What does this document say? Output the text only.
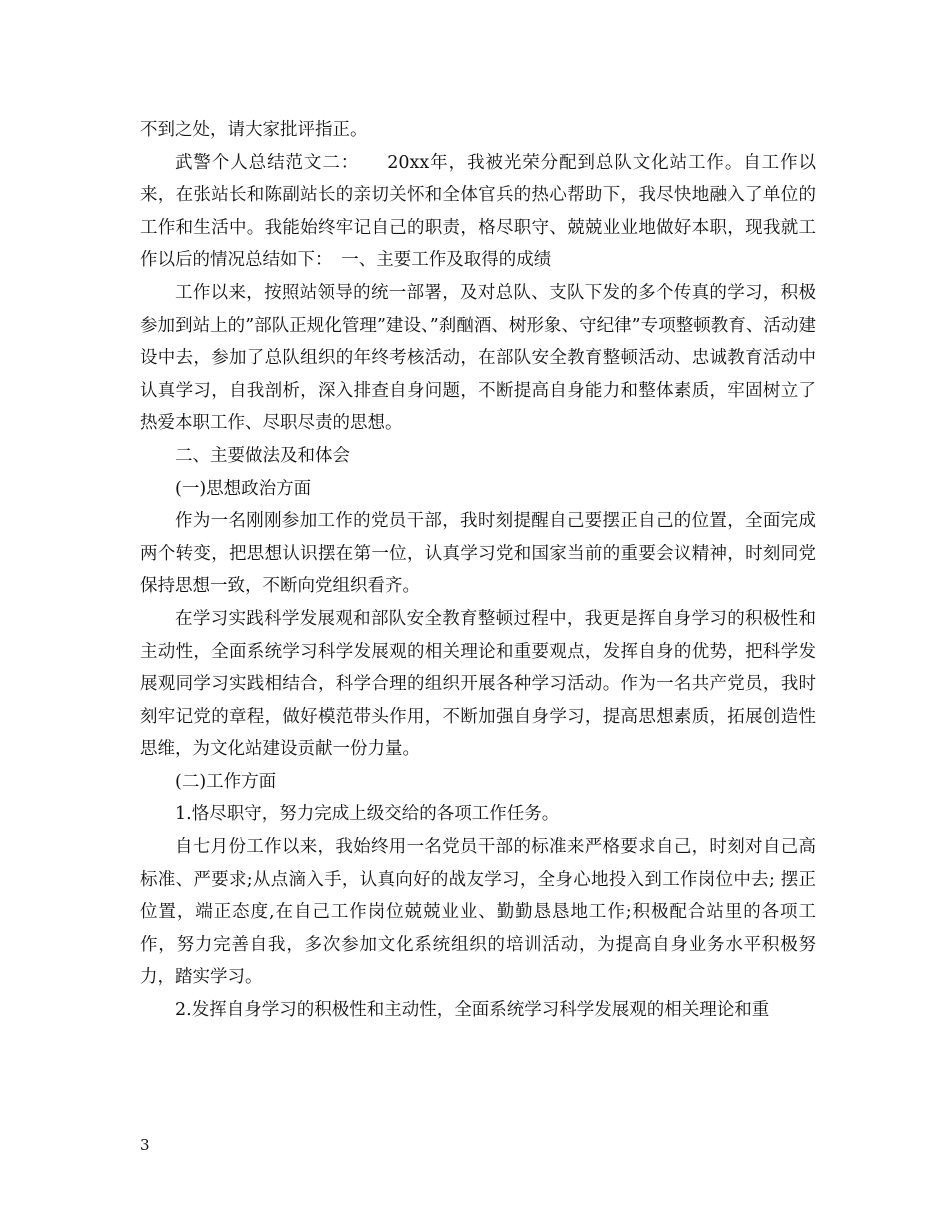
不到之处，请大家批评指正。

武警个人总结范文二：　　20xx年，我被光荣分配到总队文化站工作。自工作以来，在张站长和陈副站长的亲切关怀和全体官兵的热心帮助下，我尽快地融入了单位的工作和生活中。我能始终牢记自己的职责，格尽职守、兢兢业业地做好本职，现我就工作以后的情况总结如下：　一、主要工作及取得的成绩

工作以来，按照站领导的统一部署，及对总队、支队下发的多个传真的学习，积极参加到站上的”部队正规化管理”建设、”刹酗酒、树形象、守纪律”专项整顿教育、活动建设中去，参加了总队组织的年终考核活动，在部队安全教育整顿活动、忠诚教育活动中认真学习，自我剖析，深入排查自身问题，不断提高自身能力和整体素质，牢固树立了热爱本职工作、尽职尽责的思想。

二、主要做法及和体会

(一)思想政治方面

作为一名刚刚参加工作的党员干部，我时刻提醒自己要摆正自己的位置，全面完成两个转变，把思想认识摆在第一位，认真学习党和国家当前的重要会议精神，时刻同党保持思想一致，不断向党组织看齐。

在学习实践科学发展观和部队安全教育整顿过程中，我更是挥自身学习的积极性和主动性，全面系统学习科学发展观的相关理论和重要观点，发挥自身的优势，把科学发展观同学习实践相结合，科学合理的组织开展各种学习活动。作为一名共产党员，我时刻牢记党的章程，做好模范带头作用，不断加强自身学习，提高思想素质，拓展创造性思维，为文化站建设贡献一份力量。

(二)工作方面

1.恪尽职守，努力完成上级交给的各项工作任务。

自七月份工作以来，我始终用一名党员干部的标准来严格要求自己，时刻对自己高标准、严要求;从点滴入手，认真向好的战友学习，全身心地投入到工作岗位中去; 摆正位置，端正态度,在自己工作岗位兢兢业业、勤勤恳恳地工作;积极配合站里的各项工作，努力完善自我，多次参加文化系统组织的培训活动，为提高自身业务水平积极努力，踏实学习。

2.发挥自身学习的积极性和主动性，全面系统学习科学发展观的相关理论和重

3
